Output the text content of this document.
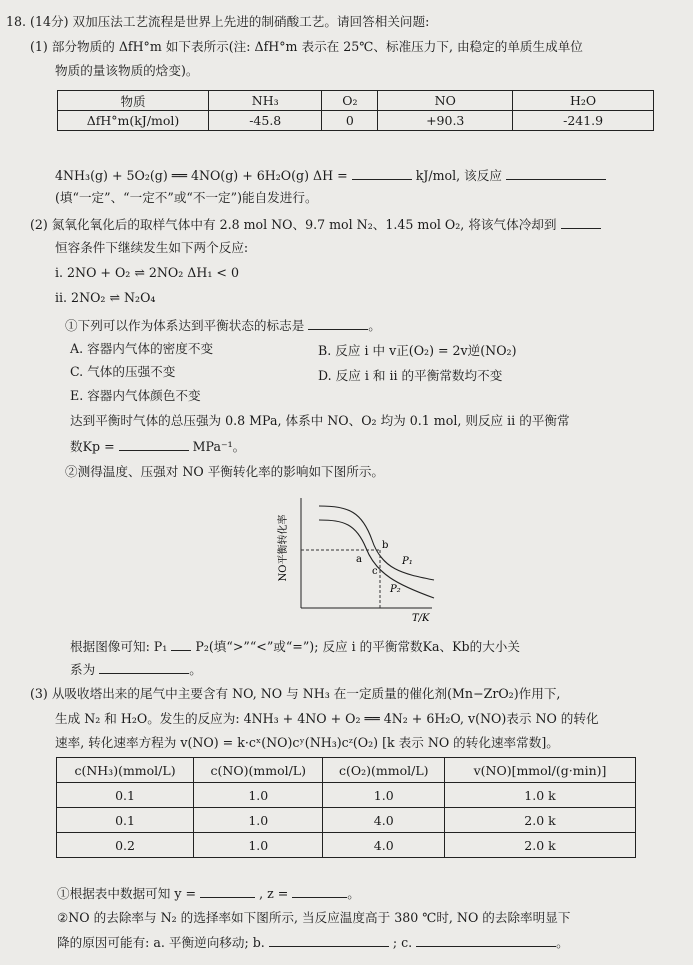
18. (14分) 双加压法工艺流程是世界上先进的制硝酸工艺。请回答相关问题:
(1) 部分物质的 ΔfH°m 如下表所示(注: ΔfH°m 表示在 25℃、标准压力下, 由稳定的单质生成单位
物质的量该物质的焓变)。
物质	NH₃	O₂	NO	H₂O
ΔfH°m(kJ/mol)	-45.8	0	+90.3	-241.9
4NH₃(g) + 5O₂(g) ══ 4NO(g) + 6H₂O(g) ΔH =	kJ/mol, 该反应
(填“一定”、“一定不”或“不一定”)能自发进行。
(2) 氮氧化氧化后的取样气体中有 2.8 mol NO、9.7 mol N₂、1.45 mol O₂, 将该气体冷却到
恒容条件下继续发生如下两个反应:
ⅰ. 2NO + O₂ ⇌ 2NO₂ ΔH₁ < 0
ⅱ. 2NO₂ ⇌ N₂O₄
①下列可以作为体系达到平衡状态的标志是	。
A. 容器内气体的密度不变	B. 反应 ⅰ 中 v正(O₂) = 2v逆(NO₂)
C. 气体的压强不变	D. 反应 ⅰ 和 ⅱ 的平衡常数均不变
E. 容器内气体颜色不变
达到平衡时气体的总压强为 0.8 MPa, 体系中 NO、O₂ 均为 0.1 mol, 则反应 ⅱ 的平衡常
数Kp =	MPa⁻¹。
②测得温度、压强对 NO 平衡转化率的影响如下图所示。
NO平衡转化率	a
b
c
P₁
P₂
T/K
根据图像可知: P₁ P₂(填“>”“<”或“=”); 反应 ⅰ 的平衡常数Ka、Kb的大小关
系为	。
(3) 从吸收塔出来的尾气中主要含有 NO, NO 与 NH₃ 在一定质量的催化剂(Mn−ZrO₂)作用下,
生成 N₂ 和 H₂O。发生的反应为: 4NH₃ + 4NO + O₂ ══ 4N₂ + 6H₂O, v(NO)表示 NO 的转化
速率, 转化速率方程为 v(NO) = k·cˣ(NO)cʸ(NH₃)cᶻ(O₂) [k 表示 NO 的转化速率常数]。
c(NH₃)(mmol/L)	c(NO)(mmol/L)	c(O₂)(mmol/L)	v(NO)[mmol/(g·min)]
0.1	1.0	1.0	1.0 k
0.1	1.0	4.0	2.0 k
0.2	1.0	4.0	2.0 k
①根据表中数据可知 y =	, z =	。
②NO 的去除率与 N₂ 的选择率如下图所示, 当反应温度高于 380 ℃时, NO 的去除率明显下
降的原因可能有: a. 平衡逆向移动; b.	; c.	。
